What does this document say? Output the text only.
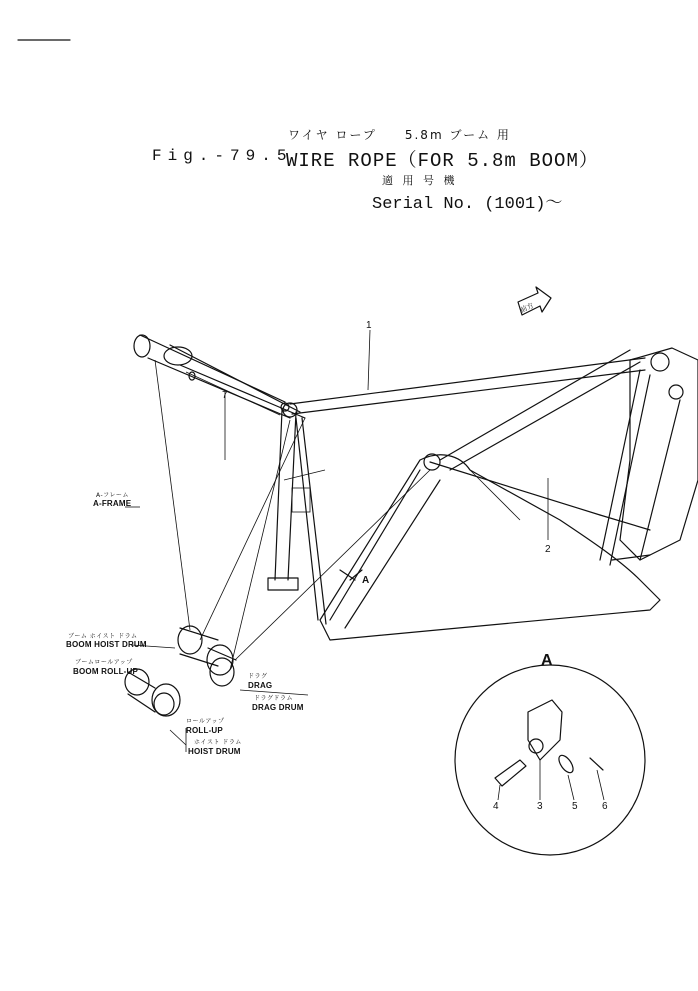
ワイヤ ロープ　　5.8m ブーム 用
Fig.-79.5
WIRE ROPE（FOR 5.8m BOOM）
適 用 号 機
Serial No. (1001)～
前方
1
7
2
A
A-フレーム
A-FRAME
ブーム ホイスト ドラム
BOOM HOIST DRUM
ブームロールアップ
BOOM ROLL-UP
ドラグ
DRAG
ドラグドラム
DRAG DRUM
ロールアップ
ROLL-UP
ホイスト ドラム
HOIST DRUM
A
4	3	5 6
